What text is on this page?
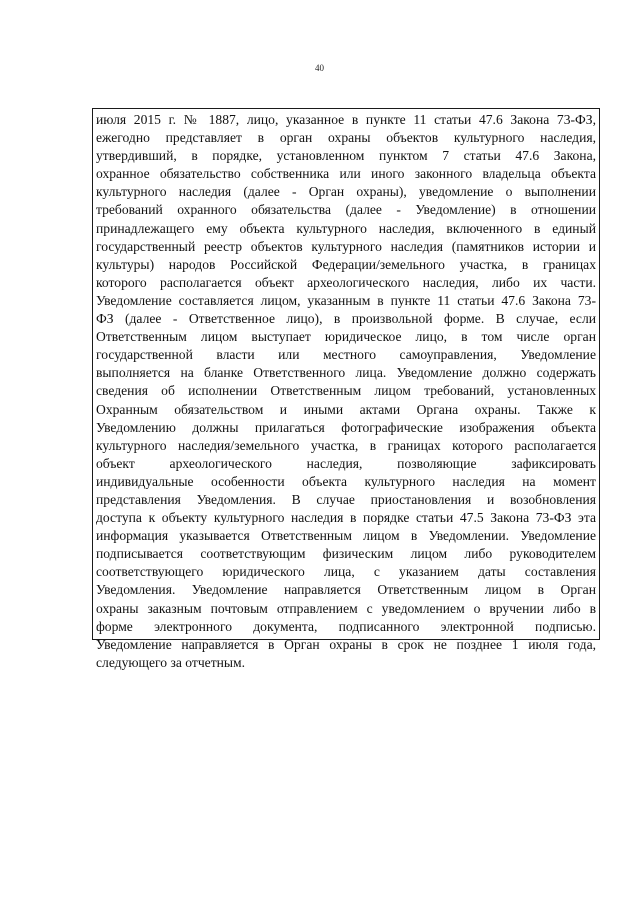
40
июля 2015 г. № 1887, лицо, указанное в пункте 11 статьи 47.6 Закона 73-ФЗ,
ежегодно представляет в орган охраны объектов культурного наследия,
утвердивший, в порядке, установленном пунктом 7 статьи 47.6 Закона,
охранное обязательство собственника или иного законного владельца объекта
культурного наследия (далее - Орган охраны), уведомление о выполнении
требований охранного обязательства (далее - Уведомление) в отношении
принадлежащего ему объекта культурного наследия, включенного в единый
государственный реестр объектов культурного наследия (памятников истории и
культуры) народов Российской Федерации/земельного участка, в границах
которого располагается объект археологического наследия, либо их части.
Уведомление составляется лицом, указанным в пункте 11 статьи 47.6 Закона 73-
ФЗ (далее - Ответственное лицо), в произвольной форме. В случае, если
Ответственным лицом выступает юридическое лицо, в том числе орган
государственной власти или местного самоуправления, Уведомление
выполняется на бланке Ответственного лица. Уведомление должно содержать
сведения об исполнении Ответственным лицом требований, установленных
Охранным обязательством и иными актами Органа охраны. Также к
Уведомлению должны прилагаться фотографические изображения объекта
культурного наследия/земельного участка, в границах которого располагается
объект археологического наследия, позволяющие зафиксировать
индивидуальные особенности объекта культурного наследия на момент
представления Уведомления. В случае приостановления и возобновления
доступа к объекту культурного наследия в порядке статьи 47.5 Закона 73-ФЗ эта
информация указывается Ответственным лицом в Уведомлении. Уведомление
подписывается соответствующим физическим лицом либо руководителем
соответствующего юридического лица, с указанием даты составления
Уведомления. Уведомление направляется Ответственным лицом в Орган
охраны заказным почтовым отправлением с уведомлением о вручении либо в
форме электронного документа, подписанного электронной подписью.
Уведомление направляется в Орган охраны в срок не позднее 1 июля года,
следующего за отчетным.
